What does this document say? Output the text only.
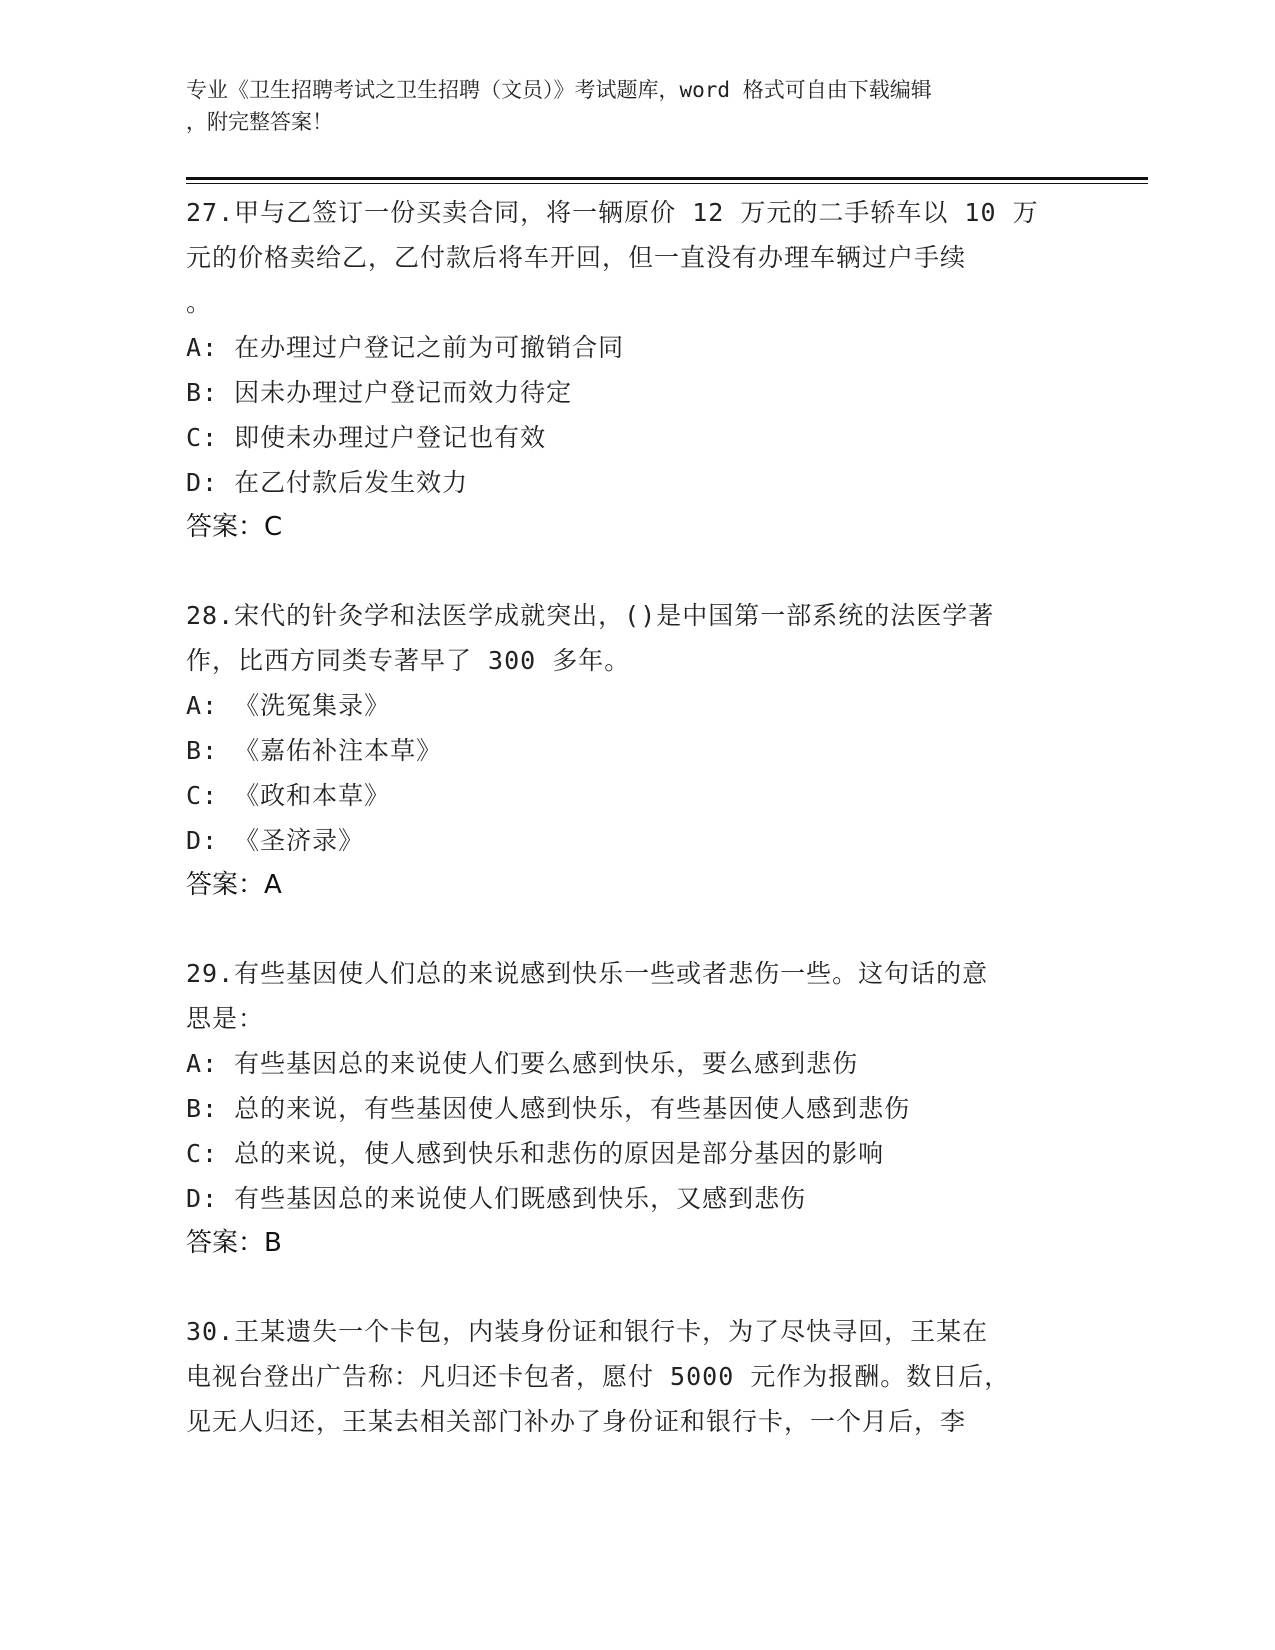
专业《卫生招聘考试之卫生招聘（文员）》考试题库，word 格式可自由下载编辑
，附完整答案！
27.甲与乙签订一份买卖合同，将一辆原价 12 万元的二手轿车以 10 万
元的价格卖给乙，乙付款后将车开回，但一直没有办理车辆过户手续
。
A: 在办理过户登记之前为可撤销合同
B: 因未办理过户登记而效力待定
C: 即使未办理过户登记也有效
D: 在乙付款后发生效力
答案：C
28.宋代的针灸学和法医学成就突出，()是中国第一部系统的法医学著
作，比西方同类专著早了 300 多年。
A: 《洗冤集录》
B: 《嘉佑补注本草》
C: 《政和本草》
D: 《圣济录》
答案：A
29.有些基因使人们总的来说感到快乐一些或者悲伤一些。这句话的意
思是：
A: 有些基因总的来说使人们要么感到快乐，要么感到悲伤
B: 总的来说，有些基因使人感到快乐，有些基因使人感到悲伤
C: 总的来说，使人感到快乐和悲伤的原因是部分基因的影响
D: 有些基因总的来说使人们既感到快乐，又感到悲伤
答案：B
30.王某遗失一个卡包，内装身份证和银行卡，为了尽快寻回，王某在
电视台登出广告称：凡归还卡包者，愿付 5000 元作为报酬。数日后，
见无人归还，王某去相关部门补办了身份证和银行卡，一个月后，李
